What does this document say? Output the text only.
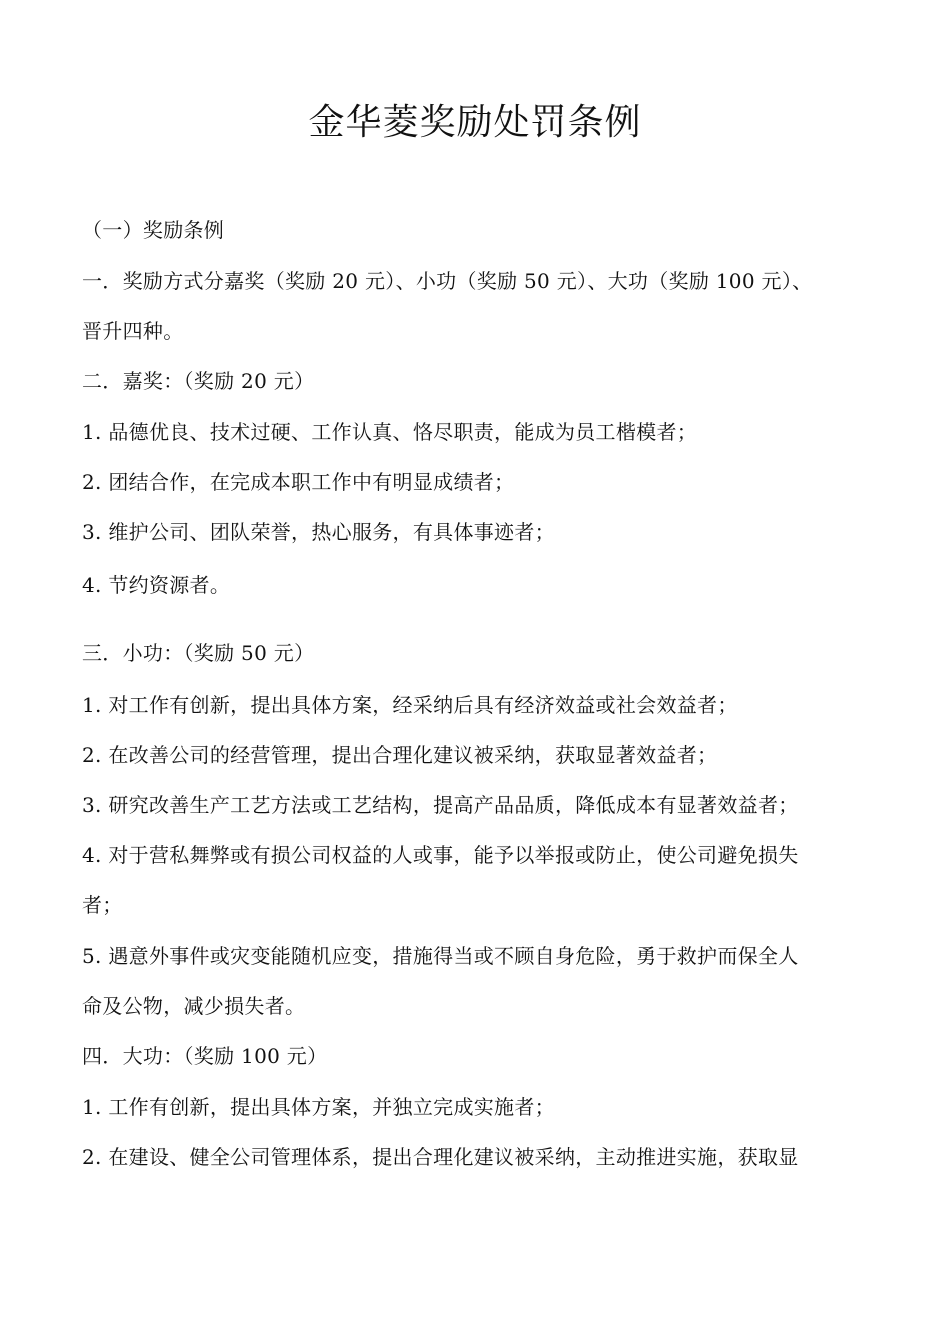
金华菱奖励处罚条例
（一）奖励条例
一．奖励方式分嘉奖（奖励 20 元）、小功（奖励 50 元）、大功（奖励 100 元）、
晋升四种。
二．嘉奖：（奖励 20 元）
1. 品德优良、技术过硬、工作认真、恪尽职责，能成为员工楷模者；
2. 团结合作，在完成本职工作中有明显成绩者；
3. 维护公司、团队荣誉，热心服务，有具体事迹者；
4. 节约资源者。
三．小功：（奖励 50 元）
1. 对工作有创新，提出具体方案，经采纳后具有经济效益或社会效益者；
2. 在改善公司的经营管理，提出合理化建议被采纳，获取显著效益者；
3. 研究改善生产工艺方法或工艺结构，提高产品品质，降低成本有显著效益者；
4. 对于营私舞弊或有损公司权益的人或事，能予以举报或防止，使公司避免损失
者；
5. 遇意外事件或灾变能随机应变，措施得当或不顾自身危险，勇于救护而保全人
命及公物，减少损失者。
四．大功：（奖励 100 元）
1. 工作有创新，提出具体方案，并独立完成实施者；
2. 在建设、健全公司管理体系，提出合理化建议被采纳，主动推进实施，获取显
